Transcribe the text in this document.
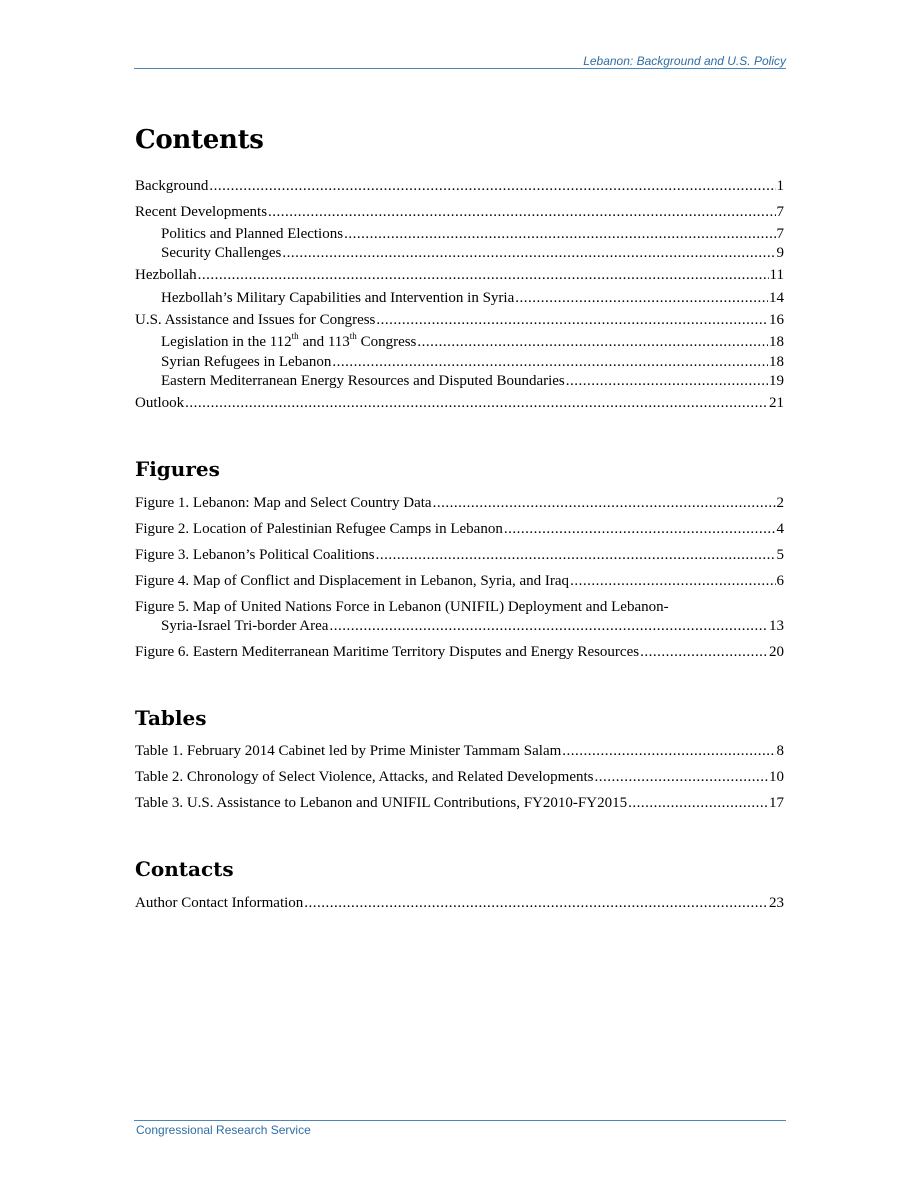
Lebanon: Background and U.S. Policy
Contents
Background .....	1
Recent Developments .....	7
Politics and Planned Elections .....	7
Security Challenges .....	9
Hezbollah .....	11
Hezbollah’s Military Capabilities and Intervention in Syria .....	14
U.S. Assistance and Issues for Congress .....	16
Legislation in the 112th and 113th Congress .....	18
Syrian Refugees in Lebanon .....	18
Eastern Mediterranean Energy Resources and Disputed Boundaries .....	19
Outlook .....	21
Figures
Figure 1. Lebanon: Map and Select Country Data .....	2
Figure 2. Location of Palestinian Refugee Camps in Lebanon .....	4
Figure 3. Lebanon’s Political Coalitions .....	5
Figure 4. Map of Conflict and Displacement in Lebanon, Syria, and Iraq .....	6
Figure 5. Map of United Nations Force in Lebanon (UNIFIL) Deployment and Lebanon-
Syria-Israel Tri-border Area .....	13
Figure 6. Eastern Mediterranean Maritime Territory Disputes and Energy Resources .....	20
Tables
Table 1. February 2014 Cabinet led by Prime Minister Tammam Salam .....	8
Table 2. Chronology of Select Violence, Attacks, and Related Developments .....	10
Table 3. U.S. Assistance to Lebanon and UNIFIL Contributions, FY2010-FY2015 .....	17
Contacts
Author Contact Information .....	23
Congressional Research Service
